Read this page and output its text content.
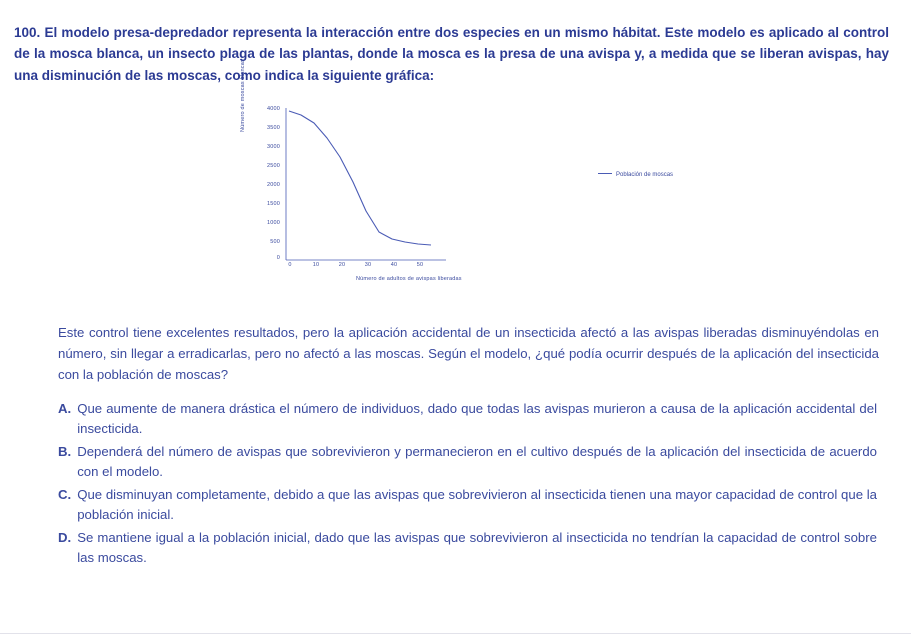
100. El modelo presa-depredador representa la interacción entre dos especies en un mismo hábitat. Este modelo es aplicado al control de la mosca blanca, un insecto plaga de las plantas, donde la mosca es la presa de una avispa y, a medida que se liberan avispas, hay una disminución de las moscas, como indica la siguiente gráfica:

Número de moscas blancas	4000
3500
3000
2500
2000
1500
1000
500
0
0	10	20	30	40	50
Número de adultos de avispas liberadas
Población de moscas

Este control tiene excelentes resultados, pero la aplicación accidental de un insecticida afectó a las avispas liberadas disminuyéndolas en número, sin llegar a erradicarlas, pero no afectó a las moscas. Según el modelo, ¿qué podía ocurrir después de la aplicación del insecticida con la población de moscas?

A. Que aumente de manera drástica el número de individuos, dado que todas las avispas murieron a causa de la aplicación accidental del insecticida.
B. Dependerá del número de avispas que sobrevivieron y permanecieron en el cultivo después de la aplicación del insecticida de acuerdo con el modelo.
C. Que disminuyan completamente, debido a que las avispas que sobrevivieron al insecticida tienen una mayor capacidad de control que la población inicial.
D. Se mantiene igual a la población inicial, dado que las avispas que sobrevivieron al insecticida no tendrían la capacidad de control sobre las moscas.
